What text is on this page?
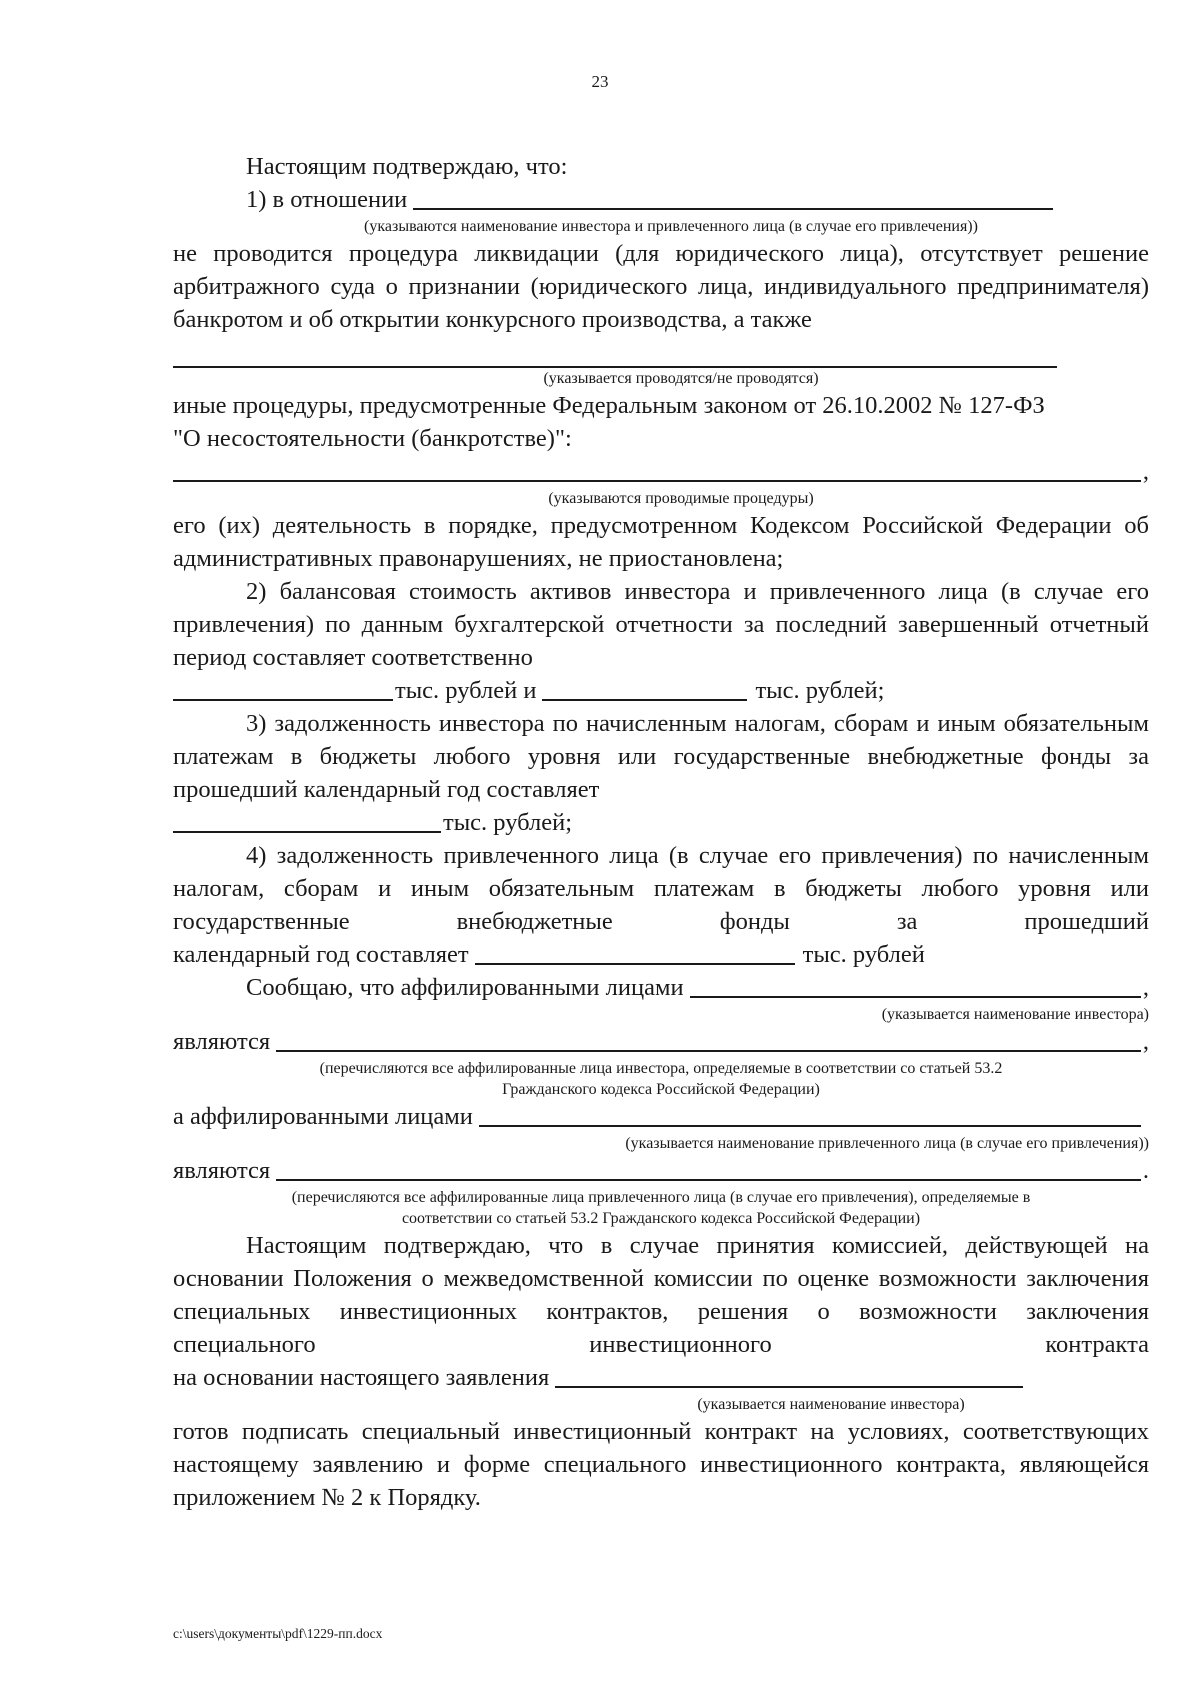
23

Настоящим подтверждаю, что:

1) в отношении

(указываются наименование инвестора и привлеченного лица (в случае его привлечения))

не проводится процедура ликвидации (для юридического лица), отсутствует решение арбитражного суда о признании (юридического лица, индивидуального предпринимателя) банкротом и об открытии конкурсного производства, а также

(указывается проводятся/не проводятся)

иные процедуры, предусмотренные Федеральным законом от 26.10.2002 № 127-ФЗ

"О несостоятельности (банкротстве)":

,

(указываются проводимые процедуры)

его (их) деятельность в порядке, предусмотренном Кодексом Российской Федерации об административных правонарушениях, не приостановлена;

2) балансовая стоимость активов инвестора и привлеченного лица (в случае его привлечения) по данным бухгалтерской отчетности за последний завершенный отчетный период составляет соответственно

тыс. рублей и	тыс. рублей;

3) задолженность инвестора по начисленным налогам, сборам и иным обязательным платежам в бюджеты любого уровня или государственные внебюджетные фонды за прошедший календарный год составляет

тыс. рублей;

4) задолженность привлеченного лица (в случае его привлечения) по начисленным налогам, сборам и иным обязательным платежам в бюджеты любого уровня или государственные внебюджетные фонды за прошедший

календарный год составляет	тыс. рублей
Сообщаю, что аффилированными лицами	,

(указывается наименование инвестора)

являются	,

(перечисляются все аффилированные лица инвестора, определяемые в соответствии со статьей 53.2

Гражданского кодекса Российской Федерации)

а аффилированными лицами

(указывается наименование привлеченного лица (в случае его привлечения))

являются	.

(перечисляются все аффилированные лица привлеченного лица (в случае его привлечения), определяемые в

соответствии со статьей 53.2 Гражданского кодекса Российской Федерации)

Настоящим подтверждаю, что в случае принятия комиссией, действующей на основании Положения о межведомственной комиссии по оценке возможности заключения специальных инвестиционных контрактов, решения о возможности заключения специального инвестиционного контракта

на основании настоящего заявления

(указывается наименование инвестора)

готов подписать специальный инвестиционный контракт на условиях, соответствующих настоящему заявлению и форме специального инвестиционного контракта, являющейся приложением № 2 к Порядку.

c:\users\документы\pdf\1229-пп.docx
